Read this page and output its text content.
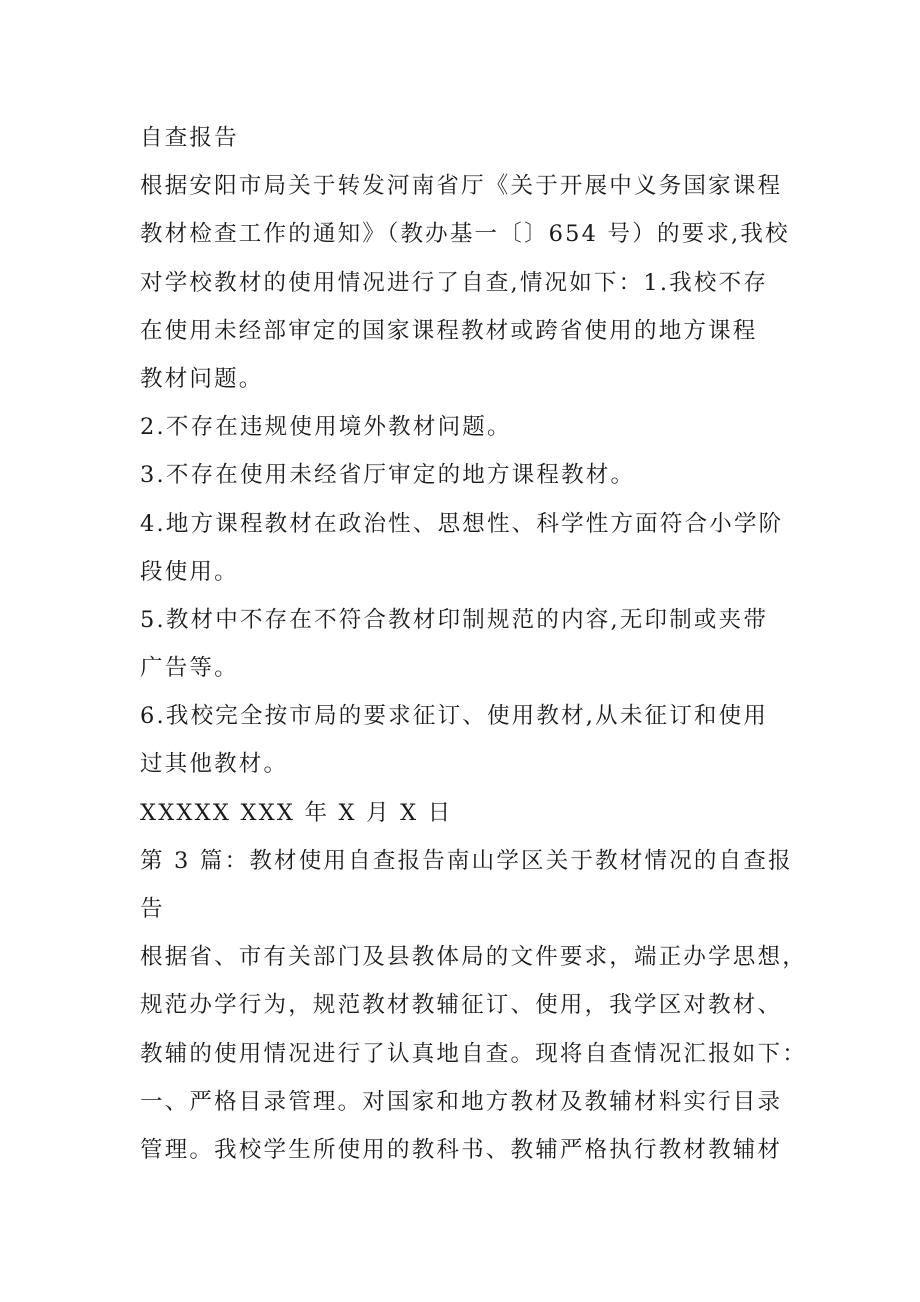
自查报告
根据安阳市局关于转发河南省厅《关于开展中义务国家课程
教材检查工作的通知》（教办基一〔〕654 号）的要求,我校
对学校教材的使用情况进行了自查,情况如下：1.我校不存
在使用未经部审定的国家课程教材或跨省使用的地方课程
教材问题。
2.不存在违规使用境外教材问题。
3.不存在使用未经省厅审定的地方课程教材。
4.地方课程教材在政治性、思想性、科学性方面符合小学阶
段使用。
5.教材中不存在不符合教材印制规范的内容,无印制或夹带
广告等。
6.我校完全按市局的要求征订、使用教材,从未征订和使用
过其他教材。
XXXXX XXX 年 X 月 X 日
第 3 篇：教材使用自查报告南山学区关于教材情况的自查报
告
根据省、市有关部门及县教体局的文件要求，端正办学思想，
规范办学行为，规范教材教辅征订、使用，我学区对教材、
教辅的使用情况进行了认真地自查。现将自查情况汇报如下：
一、严格目录管理。对国家和地方教材及教辅材料实行目录
管理。我校学生所使用的教科书、教辅严格执行教材教辅材
